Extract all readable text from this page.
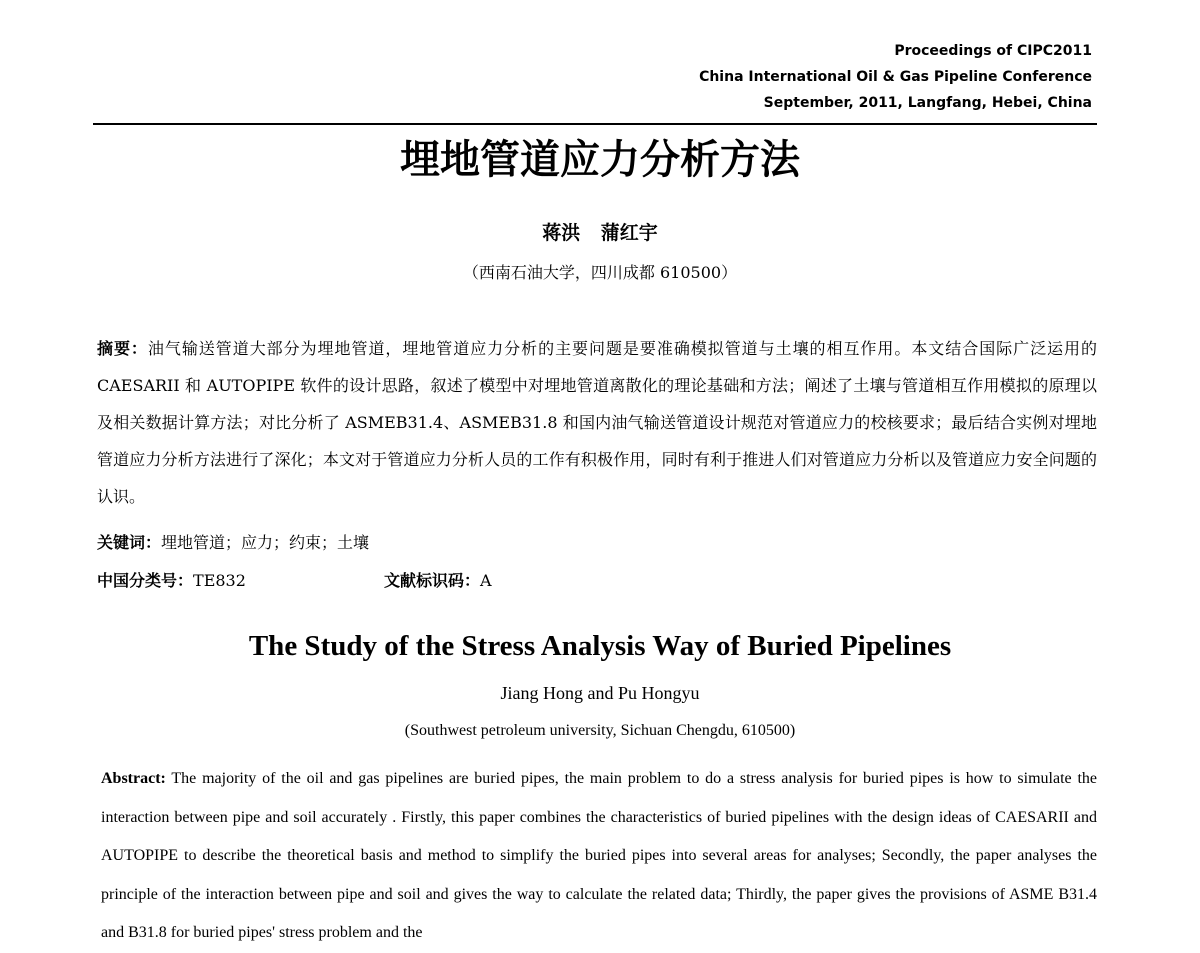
Proceedings of CIPC2011
China International Oil & Gas Pipeline Conference
September, 2011, Langfang, Hebei, China
埋地管道应力分析方法
蒋洪 蒲红宇
（西南石油大学，四川成都 610500）
摘要：油气输送管道大部分为埋地管道，埋地管道应力分析的主要问题是要准确模拟管道与土壤的相互作用。本文结合国际广泛运用的 CAESARII 和 AUTOPIPE 软件的设计思路，叙述了模型中对埋地管道离散化的理论基础和方法；阐述了土壤与管道相互作用模拟的原理以及相关数据计算方法；对比分析了 ASMEB31.4、ASMEB31.8 和国内油气输送管道设计规范对管道应力的校核要求；最后结合实例对埋地管道应力分析方法进行了深化；本文对于管道应力分析人员的工作有积极作用，同时有利于推进人们对管道应力分析以及管道应力安全问题的认识。
关键词：埋地管道；应力；约束；土壤
中国分类号：TE832	文献标识码：A
The Study of the Stress Analysis Way of Buried Pipelines
Jiang Hong and Pu Hongyu
(Southwest petroleum university, Sichuan Chengdu, 610500)
Abstract: The majority of the oil and gas pipelines are buried pipes, the main problem to do a stress analysis for buried pipes is how to simulate the interaction between pipe and soil accurately . Firstly, this paper combines the characteristics of buried pipelines with the design ideas of CAESARII and AUTOPIPE to describe the theoretical basis and method to simplify the buried pipes into several areas for analyses; Secondly, the paper analyses the principle of the interaction between pipe and soil and gives the way to calculate the related data; Thirdly, the paper gives the provisions of ASME B31.4 and B31.8 for buried pipes' stress problem and the
